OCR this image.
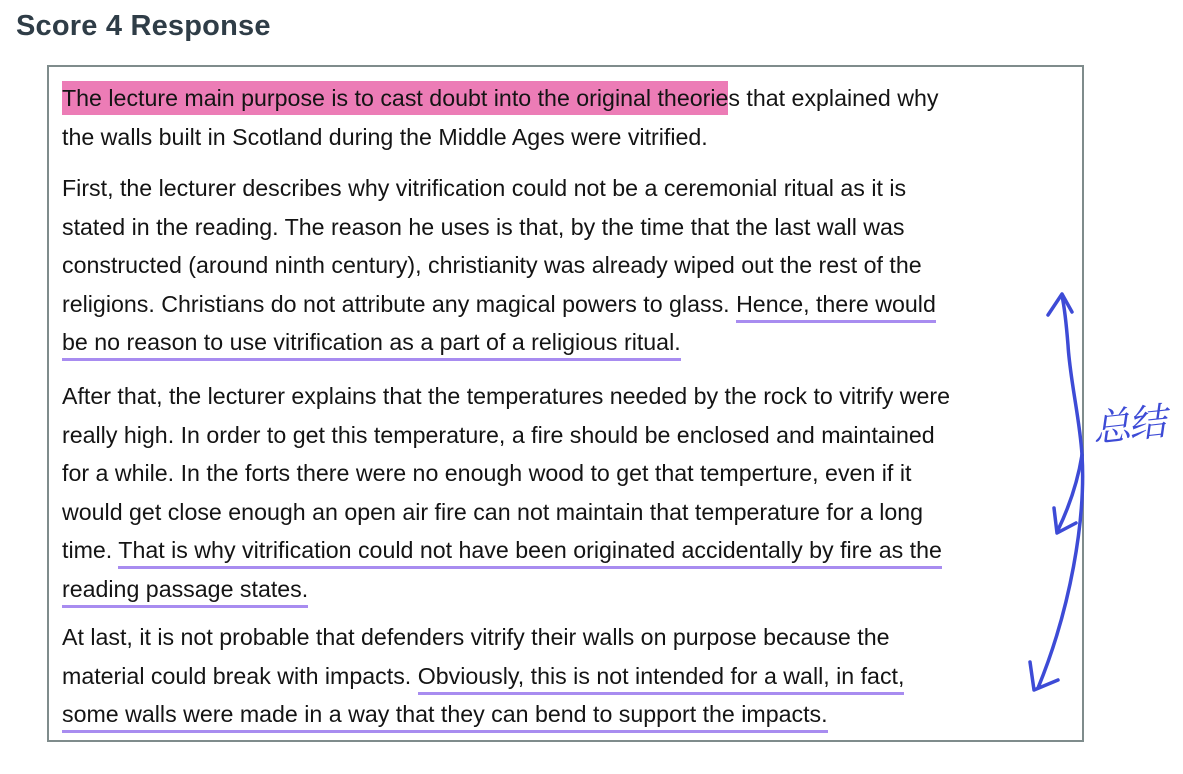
Score 4 Response
The lecture main purpose is to cast doubt into the original theories that explained why
the walls built in Scotland during the Middle Ages were vitrified.
First, the lecturer describes why vitrification could not be a ceremonial ritual as it is
stated in the reading. The reason he uses is that, by the time that the last wall was
constructed (around ninth century), christianity was already wiped out the rest of the
religions. Christians do not attribute any magical powers to glass. Hence, there would
be no reason to use vitrification as a part of a religious ritual.
After that, the lecturer explains that the temperatures needed by the rock to vitrify were
really high. In order to get this temperature, a fire should be enclosed and maintained
for a while. In the forts there were no enough wood to get that temperture, even if it
would get close enough an open air fire can not maintain that temperature for a long
time. That is why vitrification could not have been originated accidentally by fire as the
reading passage states.
At last, it is not probable that defenders vitrify their walls on purpose because the
material could break with impacts. Obviously, this is not intended for a wall, in fact,
some walls were made in a way that they can bend to support the impacts.
总结
